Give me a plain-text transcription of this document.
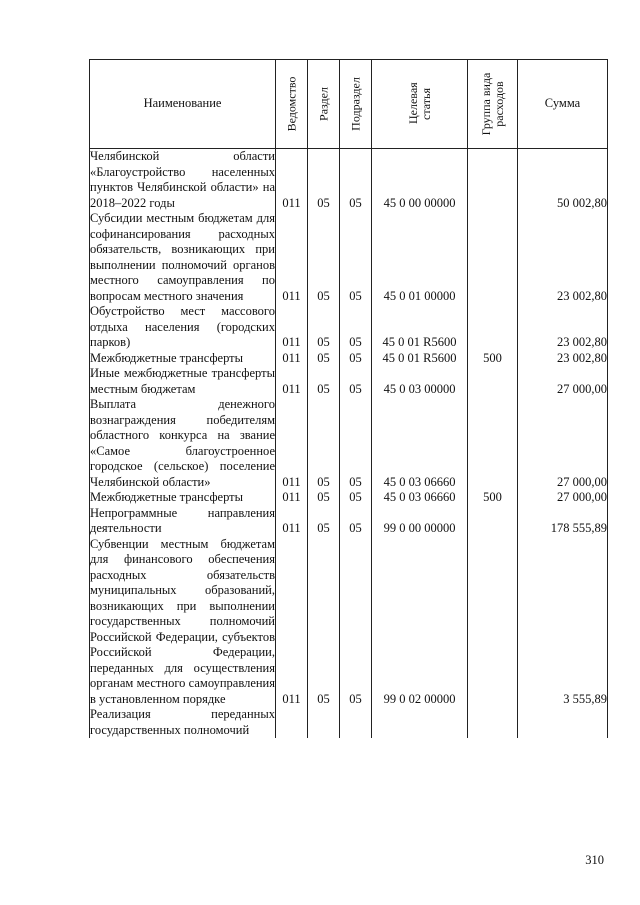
Наименование	Ведомство	Раздел	Подраздел	Целевая статья	Группа вида расходов	Сумма
Челябинской области «Благоустройство населенных пунктов Челябинской области» на 2018–2022 годы	011	05	05	45 0 00 00000		50 002,80
Субсидии местным бюджетам для софинансирования расходных обязательств, возникающих при выполнении полномочий органов местного самоуправления по вопросам местного значения	011	05	05	45 0 01 00000		23 002,80
Обустройство мест массового отдыха населения (городских парков)	011	05	05	45 0 01 R5600		23 002,80
Межбюджетные трансферты	011	05	05	45 0 01 R5600	500	23 002,80
Иные межбюджетные трансферты местным бюджетам	011	05	05	45 0 03 00000		27 000,00
Выплата денежного вознаграждения победителям областного конкурса на звание «Самое благоустроенное городское (сельское) поселение Челябинской области»	011	05	05	45 0 03 06660		27 000,00
Межбюджетные трансферты	011	05	05	45 0 03 06660	500	27 000,00
Непрограммные направления деятельности	011	05	05	99 0 00 00000		178 555,89
Субвенции местным бюджетам для финансового обеспечения расходных обязательств муниципальных образований, возникающих при выполнении государственных полномочий Российской Федерации, субъектов Российской Федерации, переданных для осуществления органам местного самоуправления в установленном порядке	011	05	05	99 0 02 00000		3 555,89
Реализация переданных государственных полномочий						
310
